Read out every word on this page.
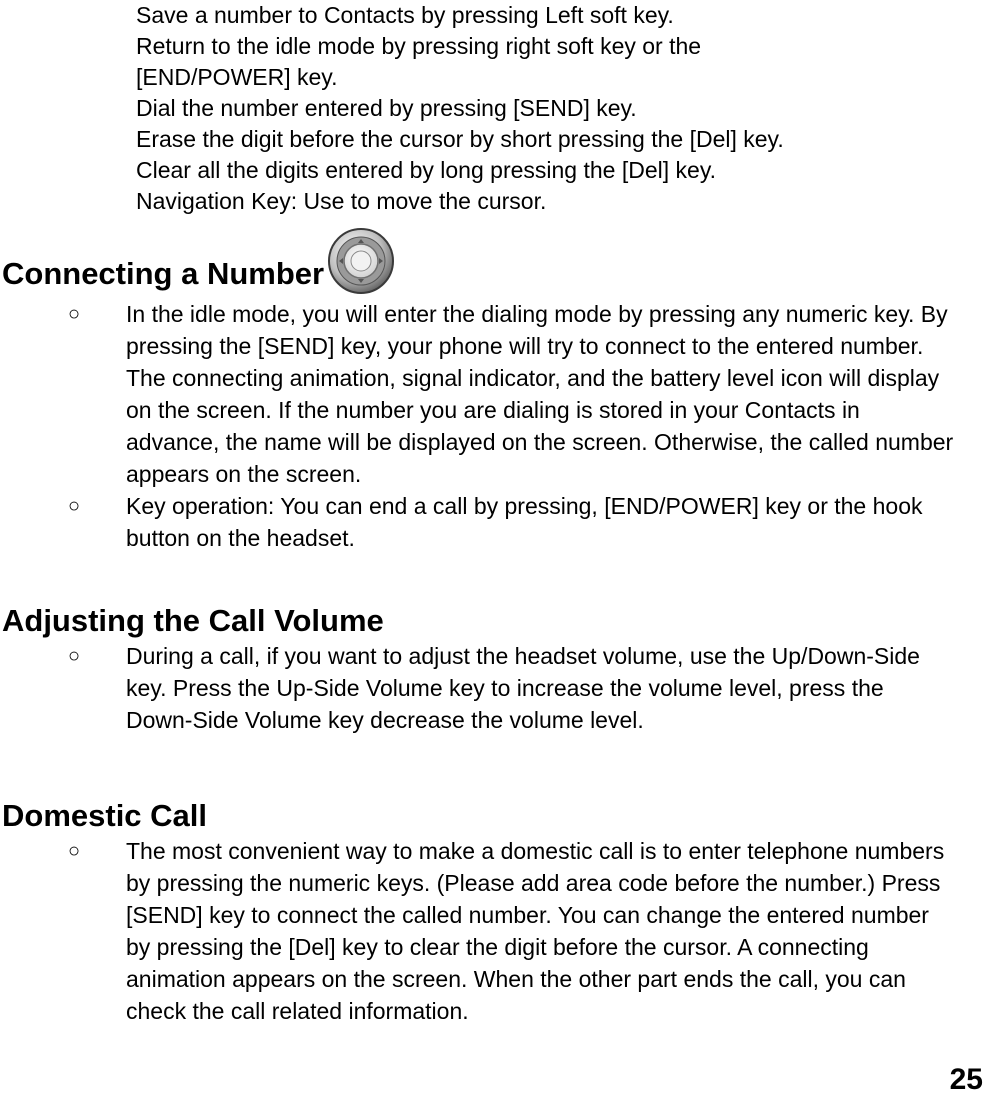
Save a number to Contacts by pressing Left soft key.
Return to the idle mode by pressing right soft key or the
[END/POWER] key.
Dial the number entered by pressing [SEND] key.
Erase the digit before the cursor by short pressing the [Del] key.
Clear all the digits entered by long pressing the [Del] key.
Navigation Key: Use to move the cursor.
Connecting a Number
○ In the idle mode, you will enter the dialing mode by pressing any numeric key. By pressing the [SEND] key, your phone will try to connect to the entered number. The connecting animation, signal indicator, and the battery level icon will display on the screen. If the number you are dialing is stored in your Contacts in advance, the name will be displayed on the screen. Otherwise, the called number appears on the screen.
○ Key operation: You can end a call by pressing, [END/POWER] key or the hook button on the headset.
Adjusting the Call Volume
○ During a call, if you want to adjust the headset volume, use the Up/Down-Side key. Press the Up-Side Volume key to increase the volume level, press the Down-Side Volume key decrease the volume level.
Domestic Call
○ The most convenient way to make a domestic call is to enter telephone numbers by pressing the numeric keys. (Please add area code before the number.) Press [SEND] key to connect the called number. You can change the entered number by pressing the [Del] key to clear the digit before the cursor. A connecting animation appears on the screen. When the other part ends the call, you can check the call related information.
25
